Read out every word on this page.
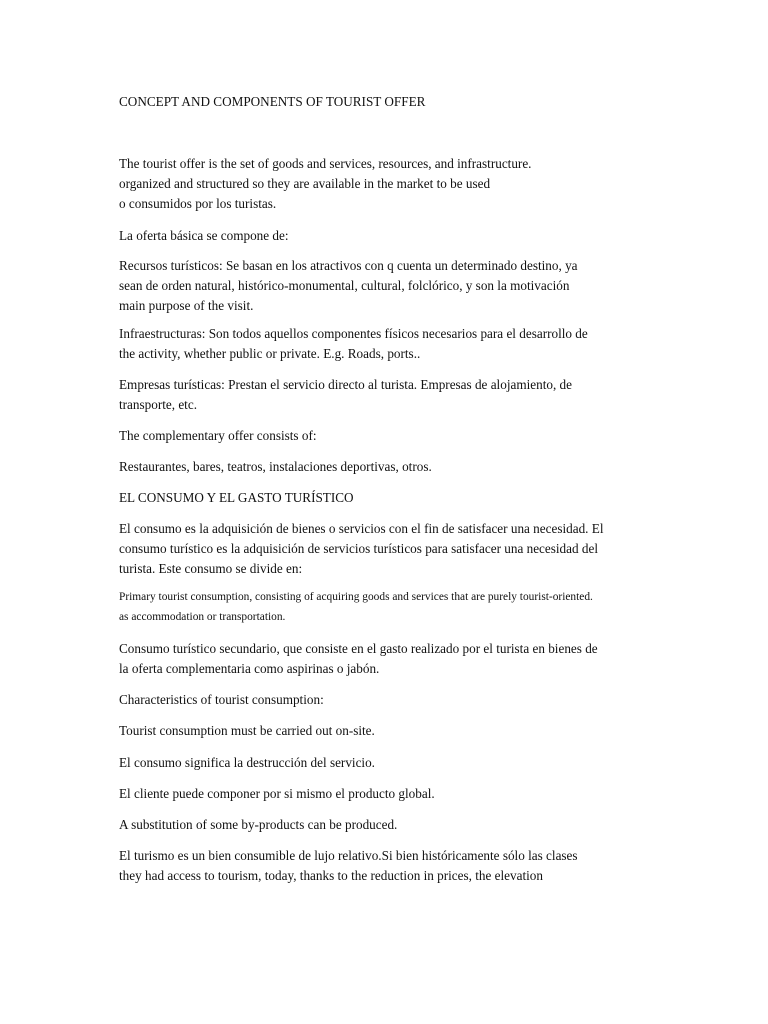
CONCEPT AND COMPONENTS OF TOURIST OFFER

The tourist offer is the set of goods and services, resources, and infrastructure.
organized and structured so they are available in the market to be used
o consumidos por los turistas.

La oferta básica se compone de:

Recursos turísticos: Se basan en los atractivos con q cuenta un determinado destino, ya
sean de orden natural, histórico-monumental, cultural, folclórico, y son la motivación
main purpose of the visit.

Infraestructuras: Son todos aquellos componentes físicos necesarios para el desarrollo de
the activity, whether public or private. E.g. Roads, ports..

Empresas turísticas: Prestan el servicio directo al turista. Empresas de alojamiento, de
transporte, etc.

The complementary offer consists of:

Restaurantes, bares, teatros, instalaciones deportivas, otros.

EL CONSUMO Y EL GASTO TURÍSTICO

El consumo es la adquisición de bienes o servicios con el fin de satisfacer una necesidad. El
consumo turístico es la adquisición de servicios turísticos para satisfacer una necesidad del
turista. Este consumo se divide en:

Primary tourist consumption, consisting of acquiring goods and services that are purely tourist-oriented.
as accommodation or transportation.

Consumo turístico secundario, que consiste en el gasto realizado por el turista en bienes de
la oferta complementaria como aspirinas o jabón.

Characteristics of tourist consumption:

Tourist consumption must be carried out on-site.

El consumo significa la destrucción del servicio.

El cliente puede componer por si mismo el producto global.

A substitution of some by-products can be produced.

El turismo es un bien consumible de lujo relativo.Si bien históricamente sólo las clases
they had access to tourism, today, thanks to the reduction in prices, the elevation
